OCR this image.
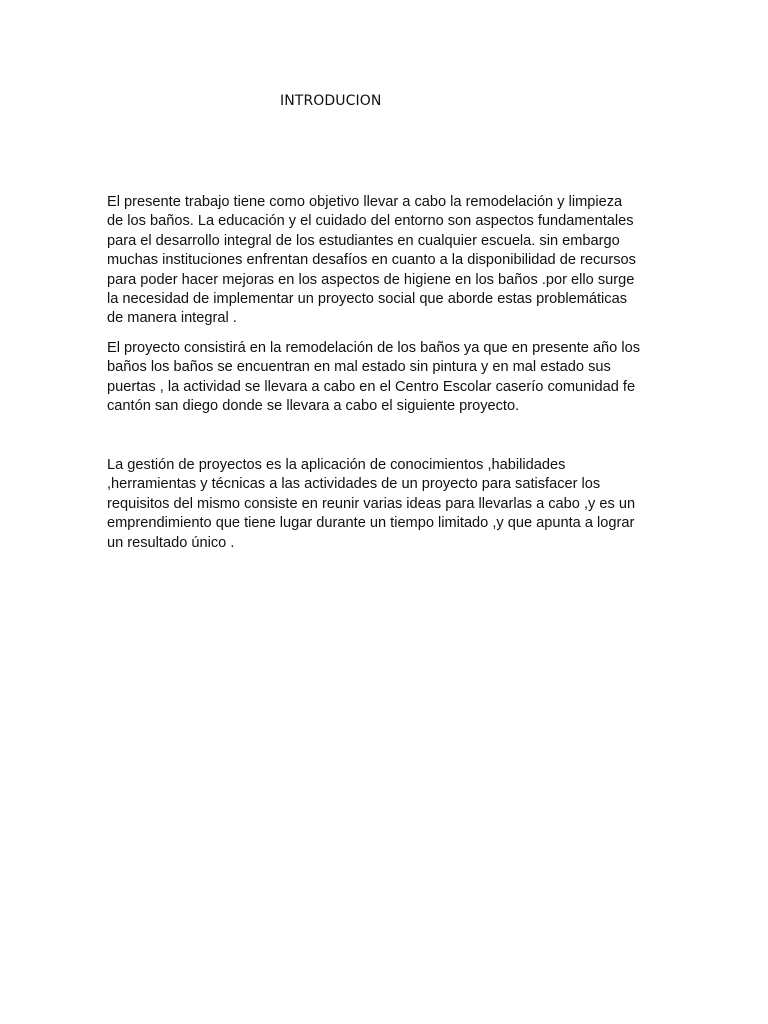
INTRODUCION

El presente trabajo tiene como objetivo llevar a cabo la remodelación y limpieza
de los baños. La educación y el cuidado del entorno son aspectos fundamentales
para el desarrollo integral de los estudiantes en cualquier escuela. sin embargo
muchas instituciones enfrentan desafíos en cuanto a la disponibilidad de recursos
para poder hacer mejoras en los aspectos de higiene en los baños .por ello surge
la necesidad de implementar un proyecto social que aborde estas problemáticas
de manera integral .

El proyecto consistirá en la remodelación de los baños ya que en presente año los
baños los baños se encuentran en mal estado sin pintura y en mal estado sus
puertas , la actividad se llevara a cabo en el Centro Escolar caserío comunidad fe
cantón san diego donde se llevara a cabo el siguiente proyecto.

La gestión de proyectos es la aplicación de conocimientos ,habilidades
,herramientas y técnicas a las actividades de un proyecto para satisfacer los
requisitos del mismo consiste en reunir varias ideas para llevarlas a cabo ,y es un
emprendimiento que tiene lugar durante un tiempo limitado ,y que apunta a lograr
un resultado único .
